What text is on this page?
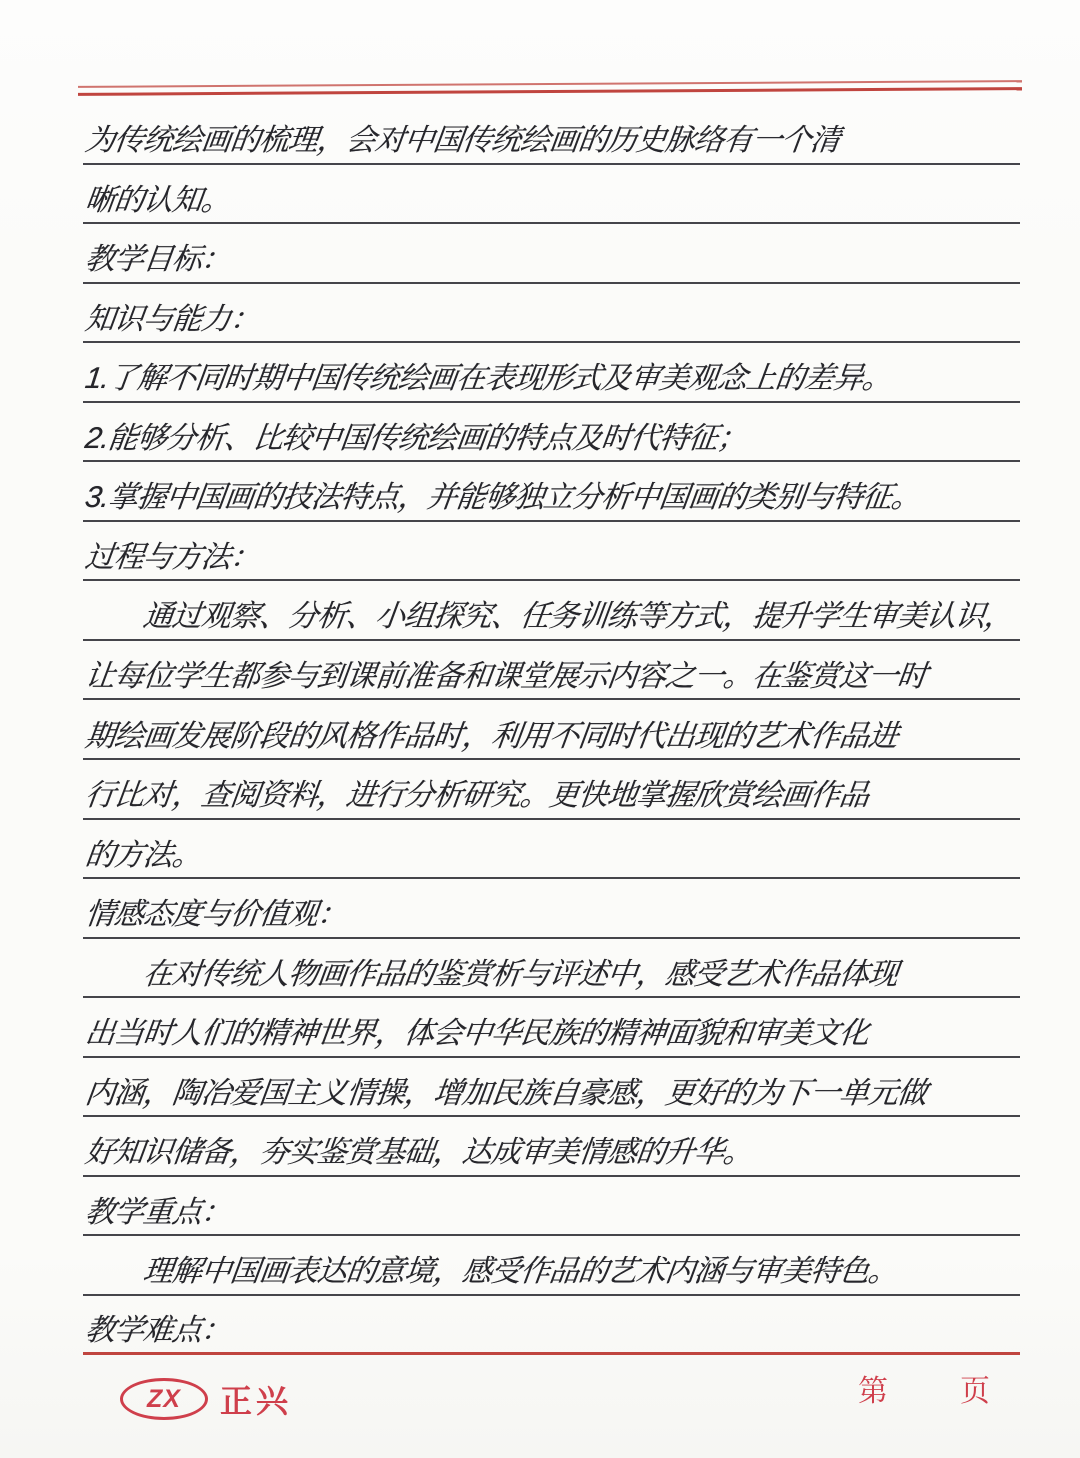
为传统绘画的梳理，会对中国传统绘画的历史脉络有一个清
晰的认知。
教学目标：
知识与能力：
1.了解不同时期中国传统绘画在表现形式及审美观念上的差异。
2.能够分析、比较中国传统绘画的特点及时代特征；
3.掌握中国画的技法特点，并能够独立分析中国画的类别与特征。
过程与方法：
通过观察、分析、小组探究、任务训练等方式，提升学生审美认识，
让每位学生都参与到课前准备和课堂展示内容之一。在鉴赏这一时
期绘画发展阶段的风格作品时，利用不同时代出现的艺术作品进
行比对，查阅资料，进行分析研究。更快地掌握欣赏绘画作品
的方法。
情感态度与价值观：
在对传统人物画作品的鉴赏析与评述中，感受艺术作品体现
出当时人们的精神世界，体会中华民族的精神面貌和审美文化
内涵，陶冶爱国主义情操，增加民族自豪感，更好的为下一单元做
好知识储备，夯实鉴赏基础，达成审美情感的升华。
教学重点：
理解中国画表达的意境，感受作品的艺术内涵与审美特色。
教学难点：
ZX	正兴	第 页
